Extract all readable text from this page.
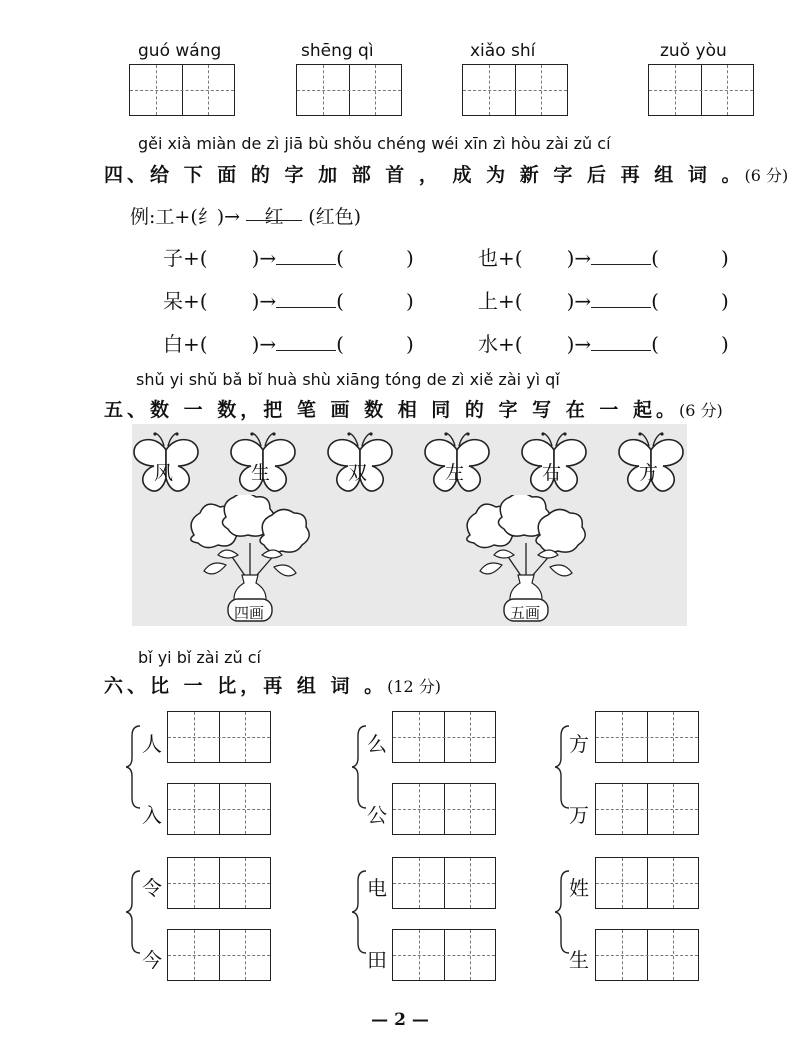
guó wáng	shēng qì	xiǎo shí	zuǒ yòu
gěi xià miàn de zì jiā bù shǒu chéng wéi xīn zì hòu zài zǔ cí
四、给 下 面 的 字 加 部 首 ， 成 为 新 字 后 再 组 词 。(6 分)
例:工+(纟)→ 红 (红色)
子+( )→	(	)	也+( )→	(	)
呆+( )→	(	)	上+( )→	(	)
白+( )→	(	)	水+( )→	(	)
shǔ yi shǔ bǎ bǐ huà shù xiāng tóng de zì xiě zài yì qǐ
五、数 一 数，把 笔 画 数 相 同 的 字 写 在 一 起。(6 分)
风	生	双	左	右	方
四画	五画
bǐ yi bǐ zài zǔ cí
六、比 一 比，再 组 词 。(12 分)
人
入
么
公
方
万
令
今
电
田
姓
生
— 2 —
